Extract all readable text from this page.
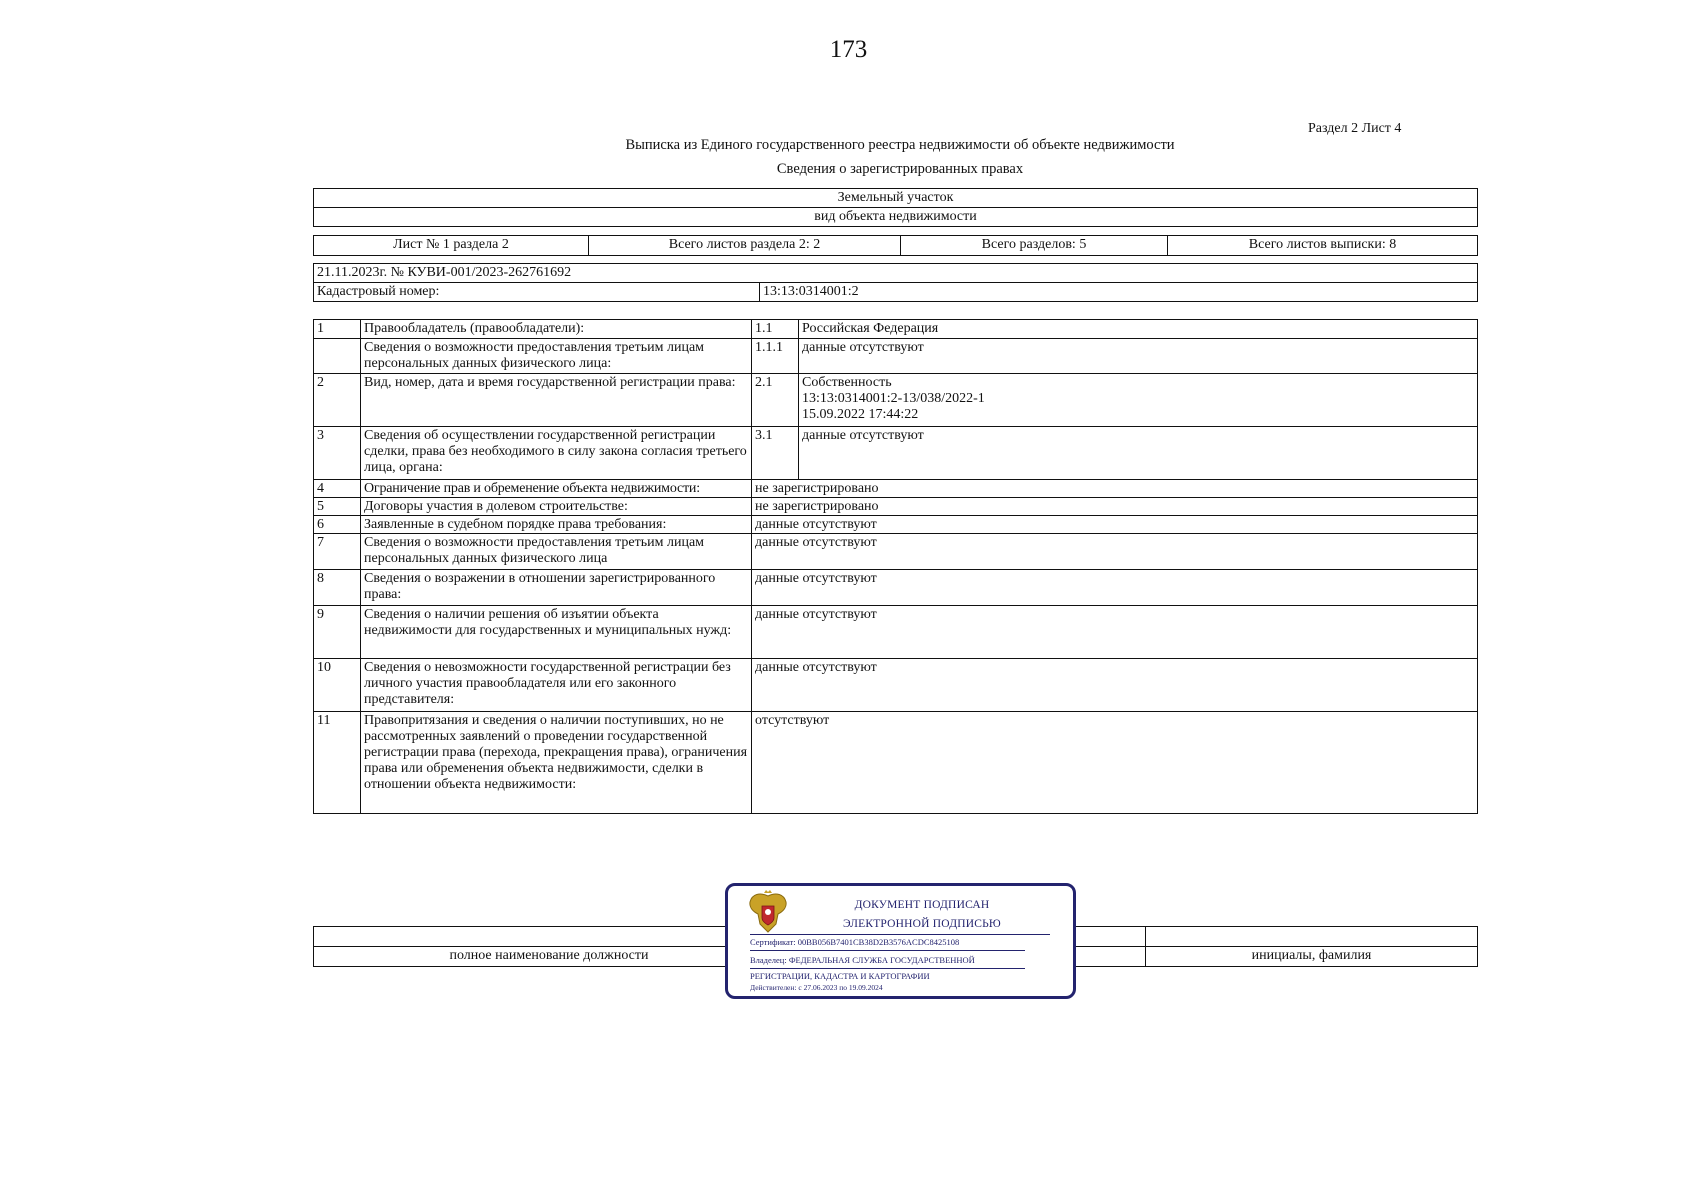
173
Раздел 2 Лист 4
Выписка из Единого государственного реестра недвижимости об объекте недвижимости
Сведения о зарегистрированных правах
Земельный участок
вид объекта недвижимости
Лист № 1 раздела 2	Всего листов раздела 2: 2	Всего разделов: 5	Всего листов выписки: 8
21.11.2023г. № КУВИ-001/2023-262761692
Кадастровый номер:	13:13:0314001:2
1	Правообладатель (правообладатели):	1.1	Российская Федерация
	Сведения о возможности предоставления третьим лицам персональных данных физического лица:	1.1.1	данные отсутствуют
2	Вид, номер, дата и время государственной регистрации права:	2.1	Собственность
13:13:0314001:2-13/038/2022-1
15.09.2022 17:44:22

3	Сведения об осуществлении государственной регистрации сделки, права без необходимого в силу закона согласия третьего лица, органа:	3.1	данные отсутствуют
4	Ограничение прав и обременение объекта недвижимости:	не зарегистрировано	
5	Договоры участия в долевом строительстве:	не зарегистрировано	
6	Заявленные в судебном порядке права требования:	данные отсутствуют	
7	Сведения о возможности предоставления третьим лицам персональных данных физического лица	данные отсутствуют	
8	Сведения о возражении в отношении зарегистрированного права:	данные отсутствуют	
9	Сведения о наличии решения об изъятии объекта недвижимости для государственных и муниципальных нужд:	данные отсутствуют	
10	Сведения о невозможности государственной регистрации без личного участия правообладателя или его законного представителя:	данные отсутствуют	
11	Правопритязания и сведения о наличии поступивших, но не рассмотренных заявлений о проведении государственной регистрации права (перехода, прекращения права), ограничения права или обременения объекта недвижимости, сделки в отношении объекта недвижимости:	отсутствуют	

полное наименование должности		инициалы, фамилия
ДОКУМЕНТ ПОДПИСАН
ЭЛЕКТРОННОЙ ПОДПИСЬЮ
Сертификат: 00BB056B7401CB38D2B3576ACDC8425108
Владелец: ФЕДЕРАЛЬНАЯ СЛУЖБА ГОСУДАРСТВЕННОЙ
РЕГИСТРАЦИИ, КАДАСТРА И КАРТОГРАФИИ
Действителен: с 27.06.2023 по 19.09.2024
